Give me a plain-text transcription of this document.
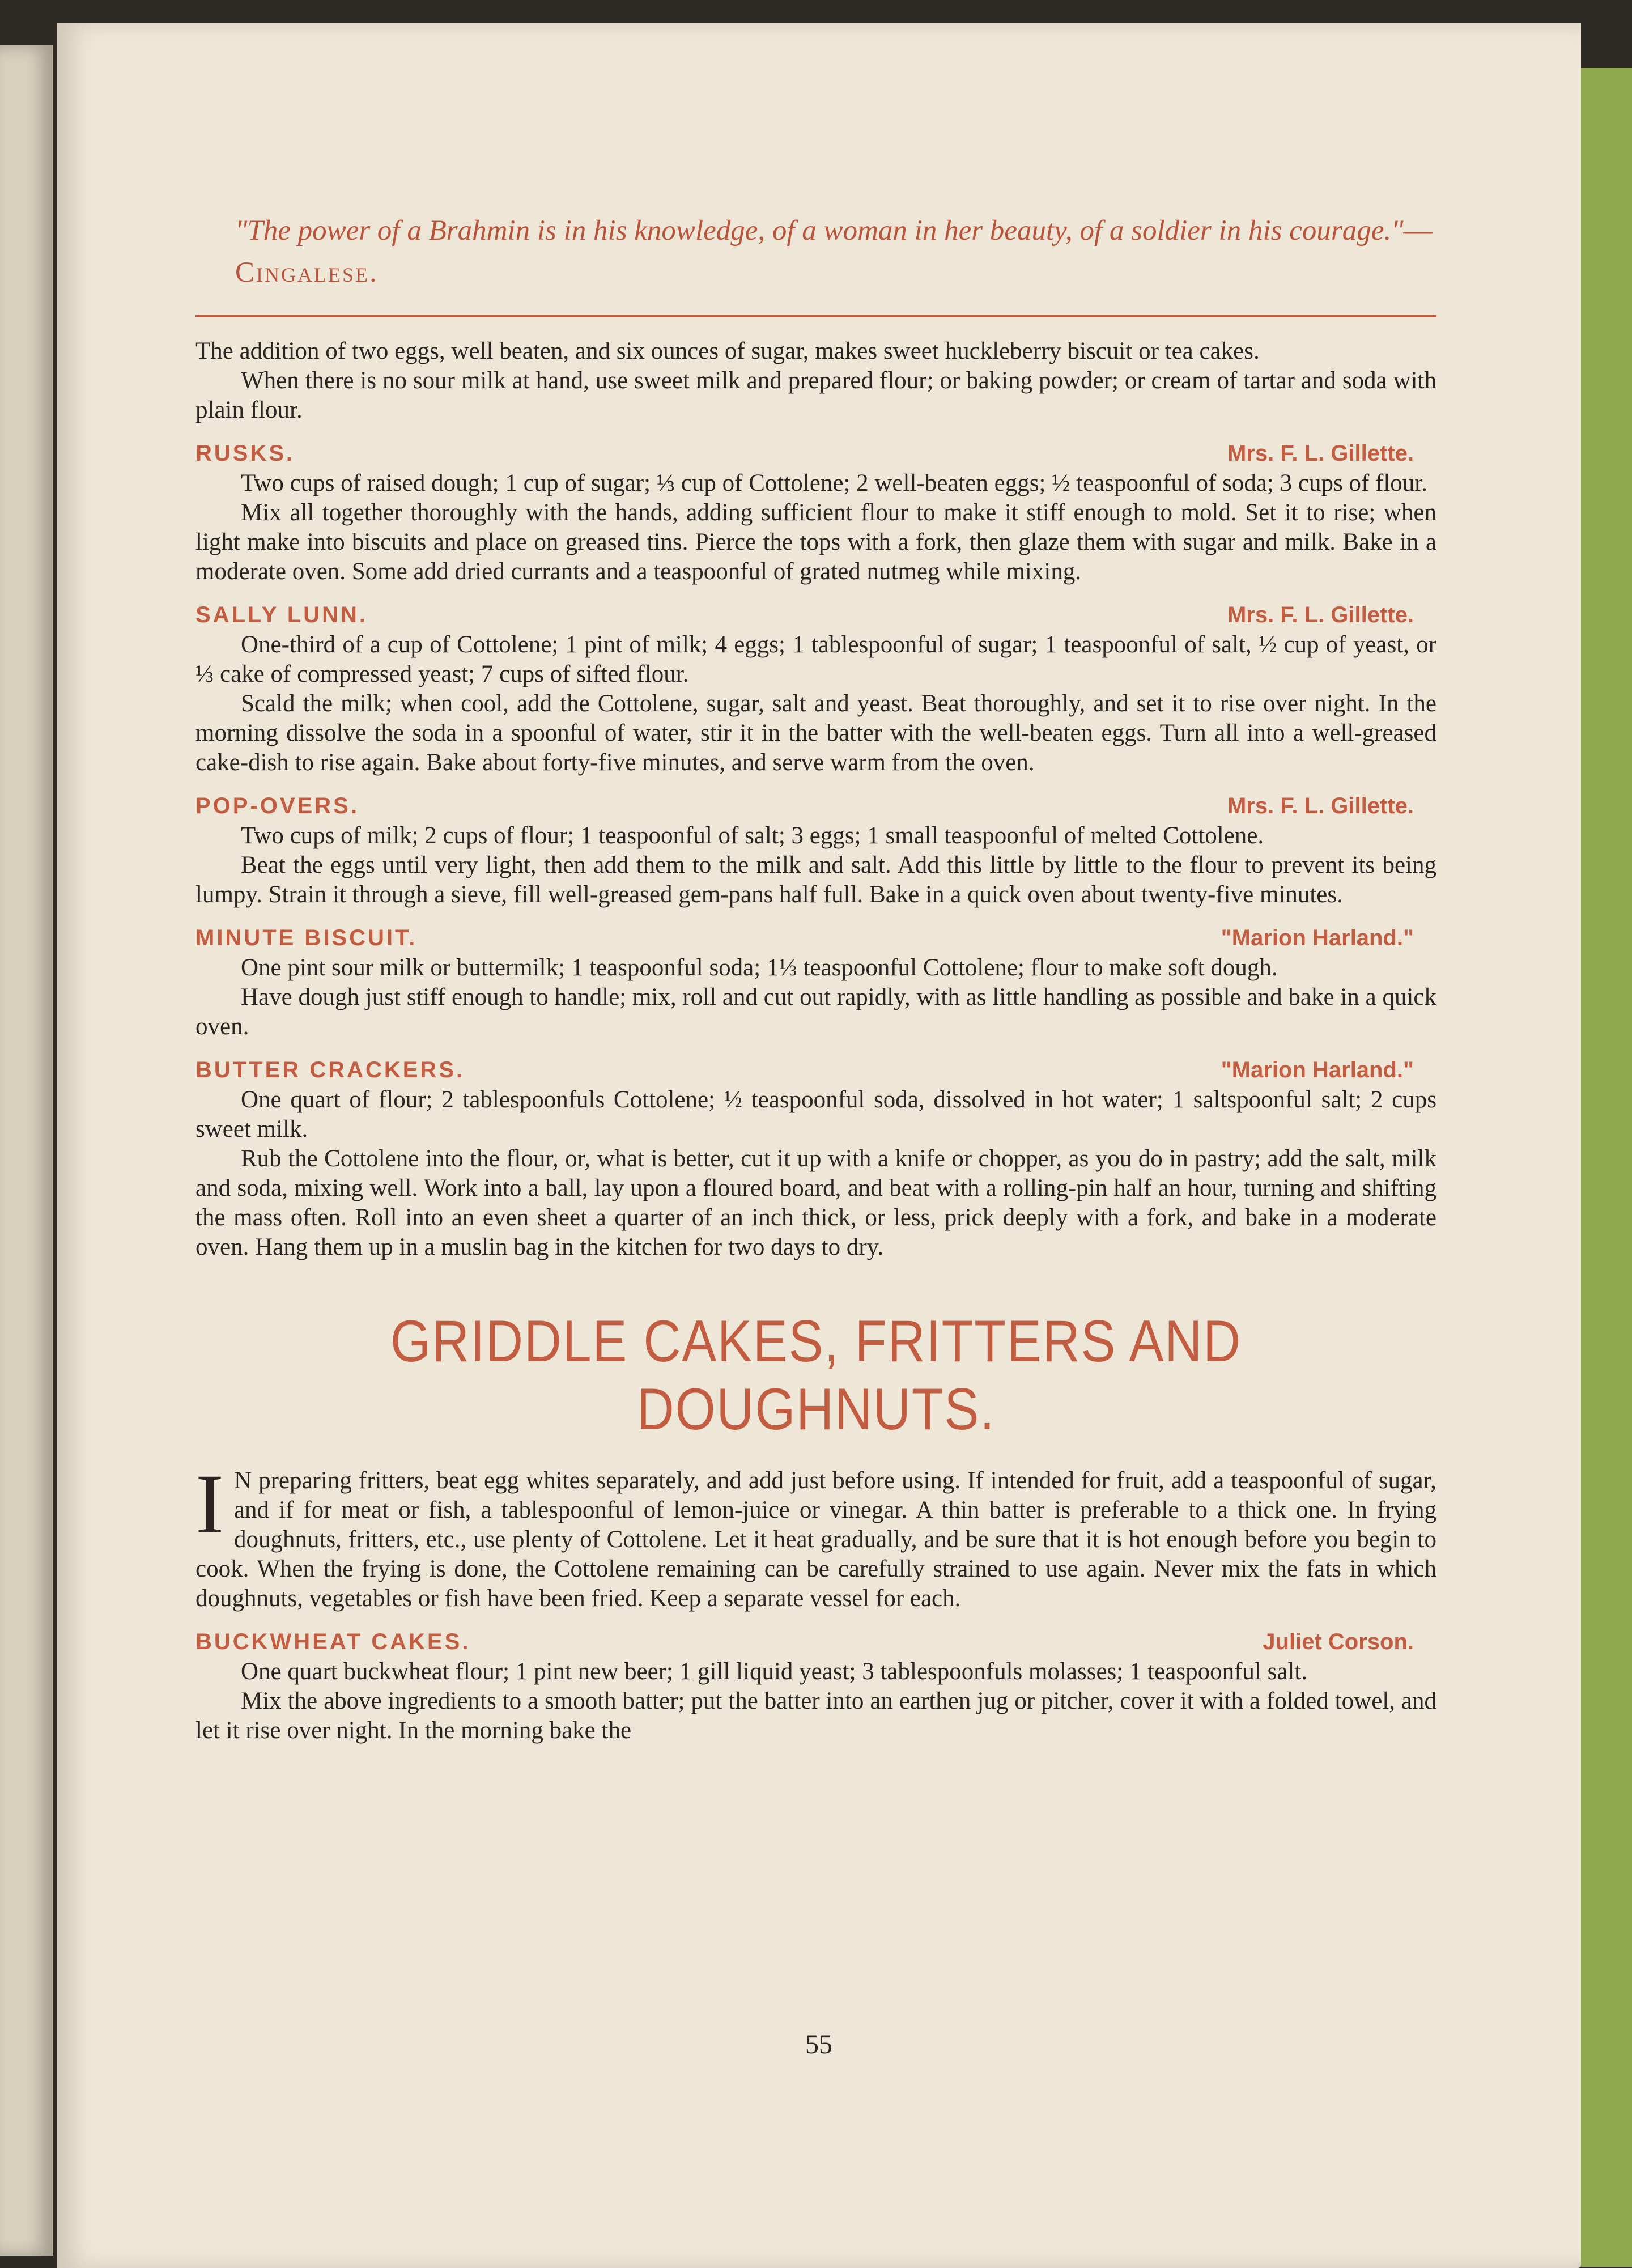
"The power of a Brahmin is in his knowledge, of a woman in her beauty, of a soldier in his courage."—Cingalese.

The addition of two eggs, well beaten, and six ounces of sugar, makes sweet huckleberry biscuit or tea cakes.

When there is no sour milk at hand, use sweet milk and prepared flour; or baking powder; or cream of tartar and soda with plain flour.

RUSKS.	Mrs. F. L. Gillette.

Two cups of raised dough; 1 cup of sugar; ⅓ cup of Cottolene; 2 well-beaten eggs; ½ teaspoonful of soda; 3 cups of flour.

Mix all together thoroughly with the hands, adding sufficient flour to make it stiff enough to mold. Set it to rise; when light make into biscuits and place on greased tins. Pierce the tops with a fork, then glaze them with sugar and milk. Bake in a moderate oven. Some add dried currants and a teaspoonful of grated nutmeg while mixing.

SALLY LUNN.	Mrs. F. L. Gillette.

One-third of a cup of Cottolene; 1 pint of milk; 4 eggs; 1 tablespoonful of sugar; 1 teaspoonful of salt, ½ cup of yeast, or ⅓ cake of compressed yeast; 7 cups of sifted flour.

Scald the milk; when cool, add the Cottolene, sugar, salt and yeast. Beat thoroughly, and set it to rise over night. In the morning dissolve the soda in a spoonful of water, stir it in the batter with the well-beaten eggs. Turn all into a well-greased cake-dish to rise again. Bake about forty-five minutes, and serve warm from the oven.

POP-OVERS.	Mrs. F. L. Gillette.

Two cups of milk; 2 cups of flour; 1 teaspoonful of salt; 3 eggs; 1 small teaspoonful of melted Cottolene.

Beat the eggs until very light, then add them to the milk and salt. Add this little by little to the flour to prevent its being lumpy. Strain it through a sieve, fill well-greased gem-pans half full. Bake in a quick oven about twenty-five minutes.

MINUTE BISCUIT.	"Marion Harland."

One pint sour milk or buttermilk; 1 teaspoonful soda; 1⅓ teaspoonful Cottolene; flour to make soft dough.

Have dough just stiff enough to handle; mix, roll and cut out rapidly, with as little handling as possible and bake in a quick oven.

BUTTER CRACKERS.	"Marion Harland."

One quart of flour; 2 tablespoonfuls Cottolene; ½ teaspoonful soda, dissolved in hot water; 1 saltspoonful salt; 2 cups sweet milk.

Rub the Cottolene into the flour, or, what is better, cut it up with a knife or chopper, as you do in pastry; add the salt, milk and soda, mixing well. Work into a ball, lay upon a floured board, and beat with a rolling-pin half an hour, turning and shifting the mass often. Roll into an even sheet a quarter of an inch thick, or less, prick deeply with a fork, and bake in a moderate oven. Hang them up in a muslin bag in the kitchen for two days to dry.

GRIDDLE CAKES, FRITTERS AND DOUGHNUTS.
I N preparing fritters, beat egg whites separately, and add just before using. If intended for fruit, add a teaspoonful of sugar, and if for meat or fish, a tablespoonful of lemon-juice or vinegar. A thin batter is preferable to a thick one. In frying doughnuts, fritters, etc., use plenty of Cottolene. Let it heat gradually, and be sure that it is hot enough before you begin to cook. When the frying is done, the Cottolene remaining can be carefully strained to use again. Never mix the fats in which doughnuts, vegetables or fish have been fried. Keep a separate vessel for each.
BUCKWHEAT CAKES.	Juliet Corson.

One quart buckwheat flour; 1 pint new beer; 1 gill liquid yeast; 3 tablespoonfuls molasses; 1 teaspoonful salt.

Mix the above ingredients to a smooth batter; put the batter into an earthen jug or pitcher, cover it with a folded towel, and let it rise over night. In the morning bake the

55
